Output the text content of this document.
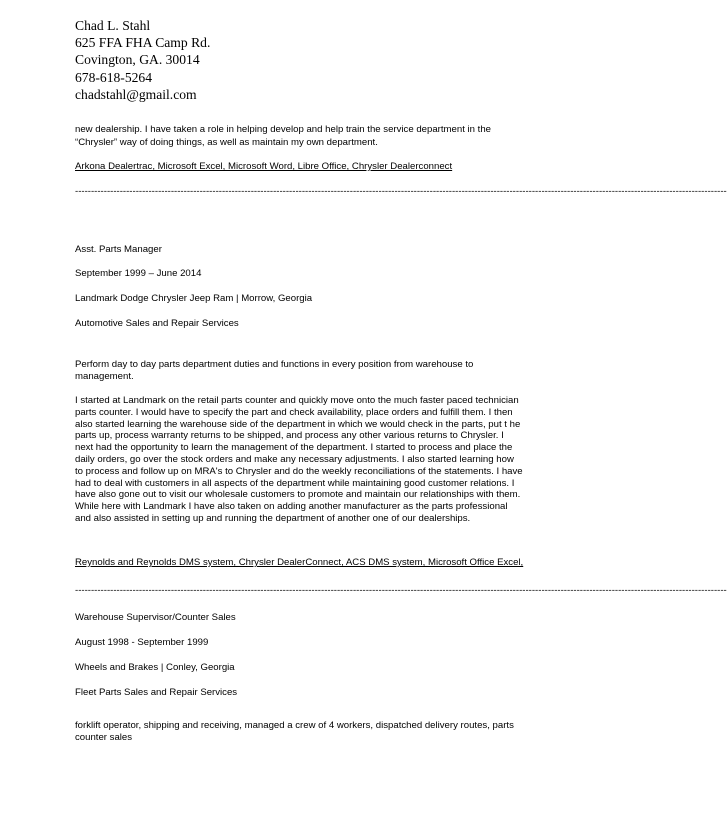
Chad L. Stahl
625 FFA FHA Camp Rd.
Covington, GA. 30014
678-618-5264
chadstahl@gmail.com
new dealership. I have taken a role in helping develop and help train the service department in the
“Chrysler” way of doing things, as well as maintain my own department.
Arkona Dealertrac, Microsoft Excel, Microsoft Word, Libre Office, Chrysler Dealerconnect
------------------------------------------------------------------------------------------------------------------------------------------------------------------------------------------------------------
Asst. Parts Manager
September 1999 – June 2014
Landmark Dodge Chrysler Jeep Ram | Morrow, Georgia
Automotive Sales and Repair Services
Perform day to day parts department duties and functions in every position from warehouse to
management.
I started at Landmark on the retail parts counter and quickly move onto the much faster paced technician
parts counter. I would have to specify the part and check availability, place orders and fulfill them. I then
also started learning the warehouse side of the department in which we would check in the parts, put t he
parts up, process warranty returns to be shipped, and process any other various returns to Chrysler. I
next had the opportunity to learn the management of the department. I started to process and place the
daily orders, go over the stock orders and make any necessary adjustments. I also started learning how
to process and follow up on MRA's to Chrysler and do the weekly reconciliations of the statements. I have
had to deal with customers in all aspects of the department while maintaining good customer relations. I
have also gone out to visit our wholesale customers to promote and maintain our relationships with them.
While here with Landmark I have also taken on adding another manufacturer as the parts professional
and also assisted in setting up and running the department of another one of our dealerships.
Reynolds and Reynolds DMS system, Chrysler DealerConnect, ACS DMS system, Microsoft Office Excel,
------------------------------------------------------------------------------------------------------------------------------------------------------------------------------------------------------------
Warehouse Supervisor/Counter Sales
August 1998 - September 1999
Wheels and Brakes | Conley, Georgia
Fleet Parts Sales and Repair Services
forklift operator, shipping and receiving, managed a crew of 4 workers, dispatched delivery routes, parts
counter sales
